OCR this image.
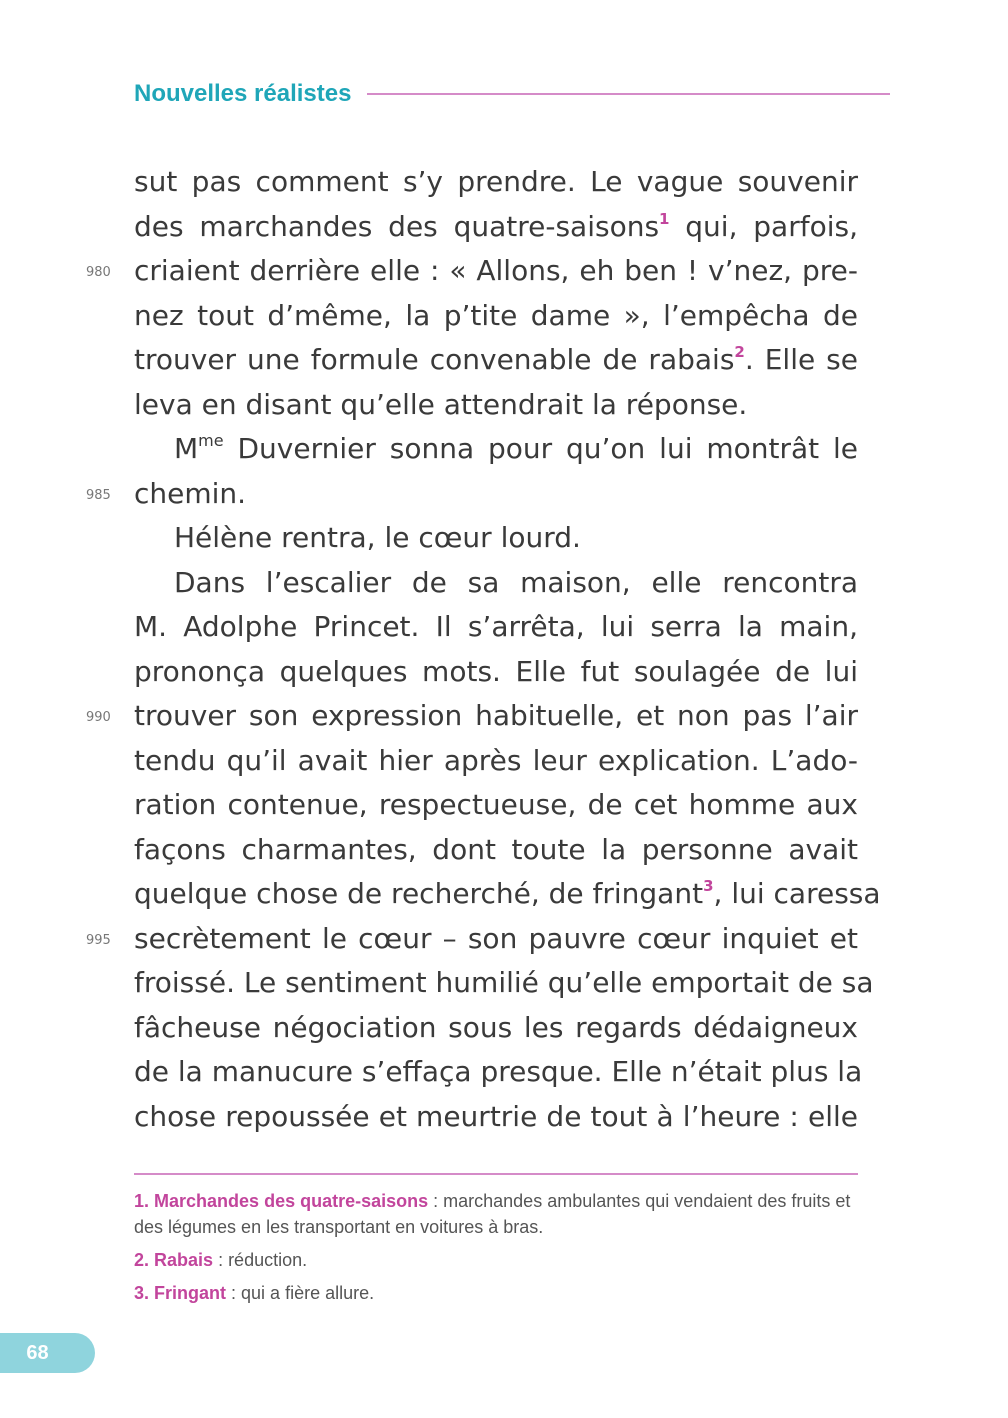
Nouvelles réalistes
sut pas comment s’y prendre. Le vague souvenir
des marchandes des quatre-saisons$^1$ qui, parfois,
980 criaient derrière elle : « Allons, eh ben ! v’nez, pre-
nez tout d’même, la p’tite dame », l’empêcha de
trouver une formule convenable de rabais$^2$. Elle se
leva en disant qu’elle attendrait la réponse.
$M^{me}$ Duvernier sonna pour qu’on lui montrât le
985 chemin.
Hélène rentra, le cœur lourd.
Dans l’escalier de sa maison, elle rencontra
M. Adolphe Princet. Il s’arrêta, lui serra la main,
prononça quelques mots. Elle fut soulagée de lui
990 trouver son expression habituelle, et non pas l’air
tendu qu’il avait hier après leur explication. L’ado-
ration contenue, respectueuse, de cet homme aux
façons charmantes, dont toute la personne avait
quelque chose de recherché, de fringant$^3$, lui caressa
995 secrètement le cœur – son pauvre cœur inquiet et
froissé. Le sentiment humilié qu’elle emportait de sa
fâcheuse négociation sous les regards dédaigneux
de la manucure s’effaça presque. Elle n’était plus la
chose repoussée et meurtrie de tout à l’heure : elle
1. Marchandes des quatre-saisons : marchandes ambulantes qui vendaient des fruits et des légumes en les transportant en voitures à bras.
2. Rabais : réduction.
3. Fringant : qui a fière allure.
68
